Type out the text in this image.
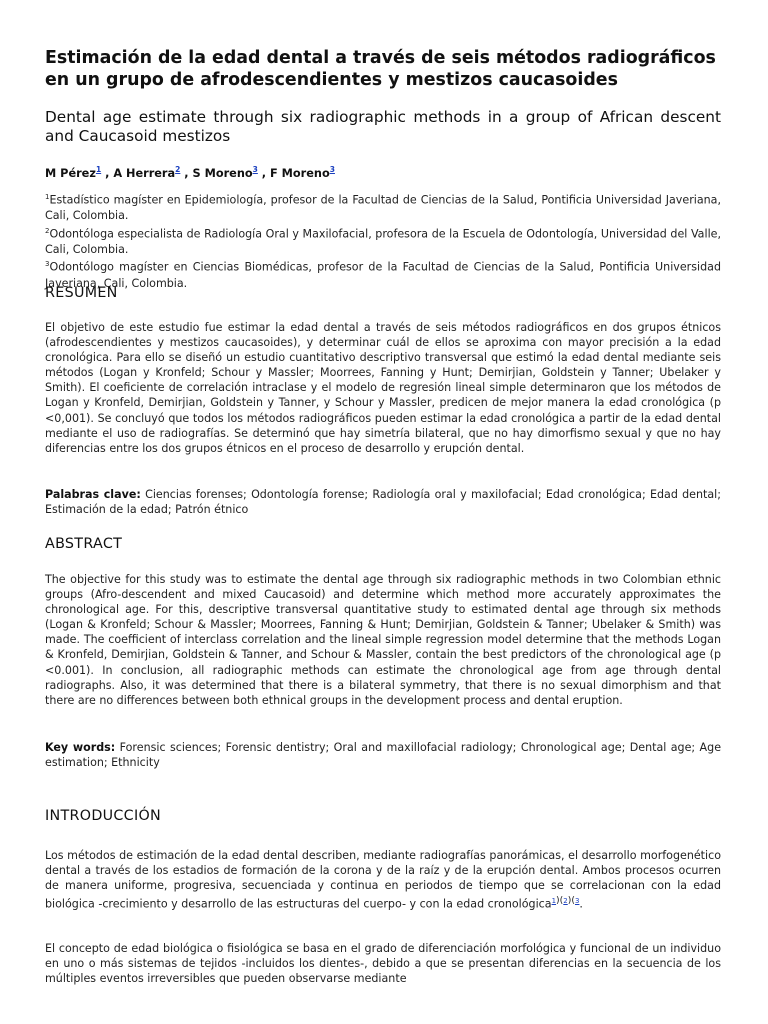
Estimación de la edad dental a través de seis métodos radiográficos en un grupo de afrodescendientes y mestizos caucasoides
Dental age estimate through six radiographic methods in a group of African descent and Caucasoid mestizos

M Pérez$^1$ , A Herrera$^2$ , S Moreno$^3$ , F Moreno$^3$

$^1$Estadístico magíster en Epidemiología, profesor de la Facultad de Ciencias de la Salud, Pontificia Universidad Javeriana, Cali, Colombia.

$^2$Odontóloga especialista de Radiología Oral y Maxilofacial, profesora de la Escuela de Odontología, Universidad del Valle, Cali, Colombia.

$^3$Odontólogo magíster en Ciencias Biomédicas, profesor de la Facultad de Ciencias de la Salud, Pontificia Universidad Javeriana, Cali, Colombia.

RESUMEN

El objetivo de este estudio fue estimar la edad dental a través de seis métodos radiográficos en dos grupos étnicos (afrodescendientes y mestizos caucasoides), y determinar cuál de ellos se aproxima con mayor precisión a la edad cronológica. Para ello se diseñó un estudio cuantitativo descriptivo transversal que estimó la edad dental mediante seis métodos (Logan y Kronfeld; Schour y Massler; Moorrees, Fanning y Hunt; Demirjian, Goldstein y Tanner; Ubelaker y Smith). El coeficiente de correlación intraclase y el modelo de regresión lineal simple determinaron que los métodos de Logan y Kronfeld, Demirjian, Goldstein y Tanner, y Schour y Massler, predicen de mejor manera la edad cronológica (p <0,001). Se concluyó que todos los métodos radiográficos pueden estimar la edad cronológica a partir de la edad dental mediante el uso de radiografías. Se determinó que hay simetría bilateral, que no hay dimorfismo sexual y que no hay diferencias entre los dos grupos étnicos en el proceso de desarrollo y erupción dental.

Palabras clave: Ciencias forenses; Odontología forense; Radiología oral y maxilofacial; Edad cronológica; Edad dental; Estimación de la edad; Patrón étnico

ABSTRACT

The objective for this study was to estimate the dental age through six radiographic methods in two Colombian ethnic groups (Afro-descendent and mixed Caucasoid) and determine which method more accurately approximates the chronological age. For this, descriptive transversal quantitative study to estimated dental age through six methods (Logan & Kronfeld; Schour & Massler; Moorrees, Fanning & Hunt; Demirjian, Goldstein & Tanner; Ubelaker & Smith) was made. The coefficient of interclass correlation and the lineal simple regression model determine that the methods Logan & Kronfeld, Demirjian, Goldstein & Tanner, and Schour & Massler, contain the best predictors of the chronological age (p <0.001). In conclusion, all radiographic methods can estimate the chronological age from age through dental radiographs. Also, it was determined that there is a bilateral symmetry, that there is no sexual dimorphism and that there are no differences between both ethnical groups in the development process and dental eruption.

Key words: Forensic sciences; Forensic dentistry; Oral and maxillofacial radiology; Chronological age; Dental age; Age estimation; Ethnicity

INTRODUCCIÓN

Los métodos de estimación de la edad dental describen, mediante radiografías panorámicas, el desarrollo morfogenético dental a través de los estadios de formación de la corona y de la raíz y de la erupción dental. Ambos procesos ocurren de manera uniforme, progresiva, secuenciada y continua en periodos de tiempo que se correlacionan con la edad biológica -crecimiento y desarrollo de las estructuras del cuerpo- y con la edad cronológica$^{1)(2)(3}$.

El concepto de edad biológica o fisiológica se basa en el grado de diferenciación morfológica y funcional de un individuo en uno o más sistemas de tejidos -incluidos los dientes-, debido a que se presentan diferencias en la secuencia de los múltiples eventos irreversibles que pueden observarse mediante
